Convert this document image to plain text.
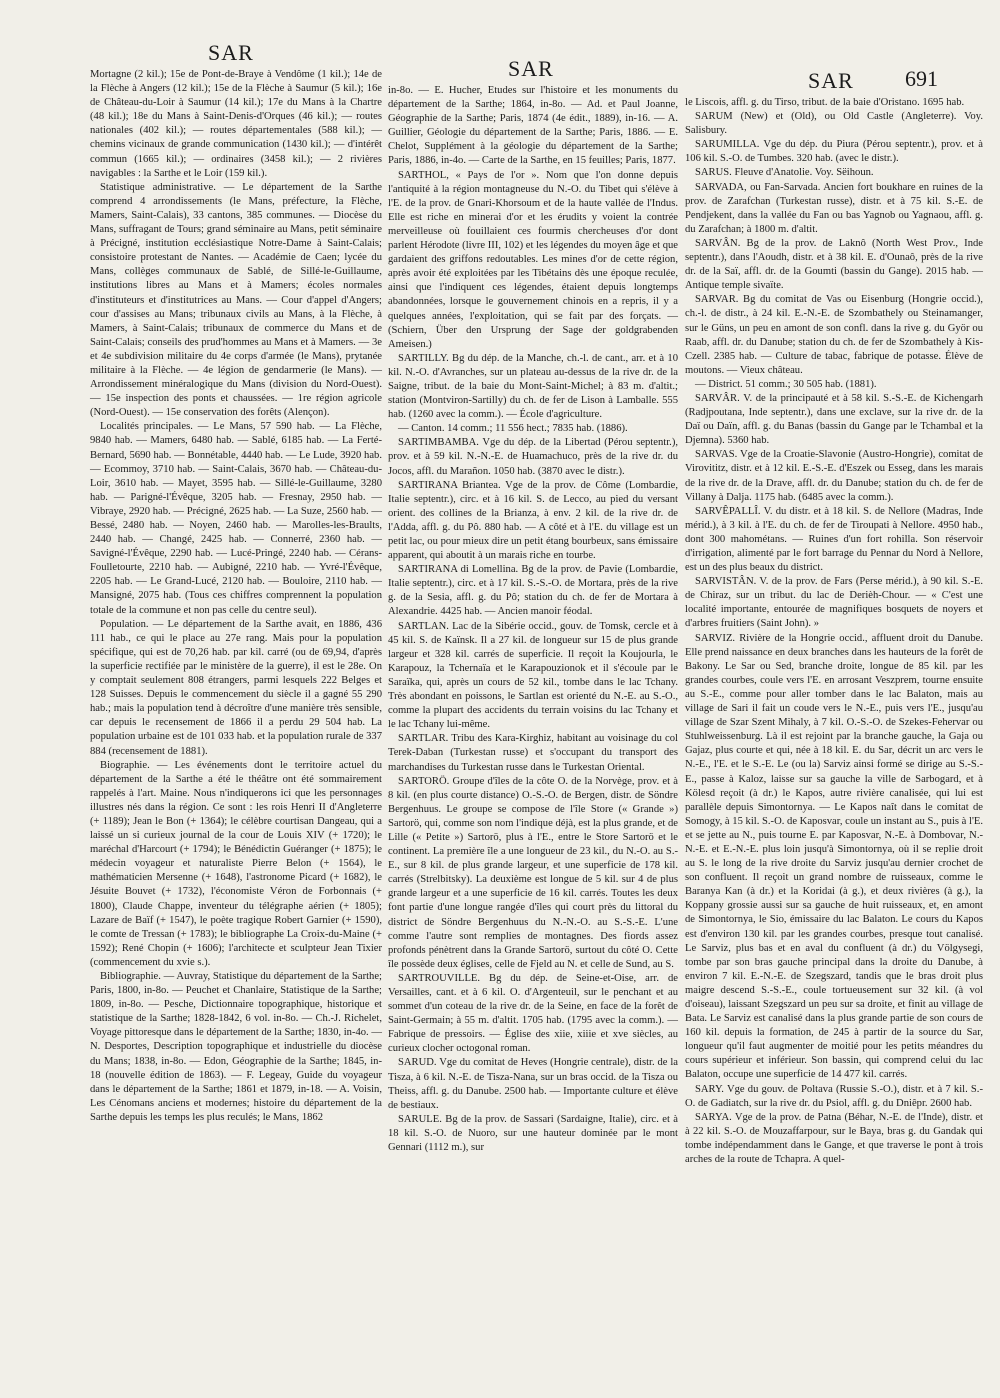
SAR
SAR	SAR 691

Mortagne (2 kil.); 15e de Pont-de-Braye à Vendôme (1 kil.); 14e de la Flèche à Angers (12 kil.); 15e de la Flèche à Saumur (5 kil.); 16e de Château-du-Loir à Saumur (14 kil.); 17e du Mans à la Chartre (48 kil.); 18e du Mans à Saint-Denis-d'Orques (46 kil.); — routes nationales (402 kil.); — routes départementales (588 kil.); — chemins vicinaux de grande communication (1430 kil.); — d'intérêt commun (1665 kil.); — ordinaires (3458 kil.); — 2 rivières navigables : la Sarthe et le Loir (159 kil.).

Statistique administrative. — Le département de la Sarthe comprend 4 arrondissements (le Mans, préfecture, la Flèche, Mamers, Saint-Calais), 33 cantons, 385 communes. — Diocèse du Mans, suffragant de Tours; grand séminaire au Mans, petit séminaire à Précigné, institution ecclésiastique Notre-Dame à Saint-Calais; consistoire protestant de Nantes. — Académie de Caen; lycée du Mans, collèges communaux de Sablé, de Sillé-le-Guillaume, institutions libres au Mans et à Mamers; écoles normales d'instituteurs et d'institutrices au Mans. — Cour d'appel d'Angers; cour d'assises au Mans; tribunaux civils au Mans, à la Flèche, à Mamers, à Saint-Calais; tribunaux de commerce du Mans et de Saint-Calais; conseils des prud'hommes au Mans et à Mamers. — 3e et 4e subdivision militaire du 4e corps d'armée (le Mans), prytanée militaire à la Flèche. — 4e légion de gendarmerie (le Mans). — Arrondissement minéralogique du Mans (division du Nord-Ouest). — 15e inspection des ponts et chaussées. — 1re région agricole (Nord-Ouest). — 15e conservation des forêts (Alençon).

Localités principales. — Le Mans, 57 590 hab. — La Flèche, 9840 hab. — Mamers, 6480 hab. — Sablé, 6185 hab. — La Ferté-Bernard, 5690 hab. — Bonnétable, 4440 hab. — Le Lude, 3920 hab. — Ecommoy, 3710 hab. — Saint-Calais, 3670 hab. — Château-du-Loir, 3610 hab. — Mayet, 3595 hab. — Sillé-le-Guillaume, 3280 hab. — Parigné-l'Évêque, 3205 hab. — Fresnay, 2950 hab. — Vibraye, 2920 hab. — Précigné, 2625 hab. — La Suze, 2560 hab. — Bessé, 2480 hab. — Noyen, 2460 hab. — Marolles-les-Braults, 2440 hab. — Changé, 2425 hab. — Connerré, 2360 hab. — Savigné-l'Évêque, 2290 hab. — Lucé-Pringé, 2240 hab. — Cérans-Foulletourte, 2210 hab. — Aubigné, 2210 hab. — Yvré-l'Évêque, 2205 hab. — Le Grand-Lucé, 2120 hab. — Bouloire, 2110 hab. — Mansigné, 2075 hab. (Tous ces chiffres comprennent la population totale de la commune et non pas celle du centre seul).

Population. — Le département de la Sarthe avait, en 1886, 436 111 hab., ce qui le place au 27e rang. Mais pour la population spécifique, qui est de 70,26 hab. par kil. carré (ou de 69,94, d'après la superficie rectifiée par le ministère de la guerre), il est le 28e. On y comptait seulement 808 étrangers, parmi lesquels 222 Belges et 128 Suisses. Depuis le commencement du siècle il a gagné 55 290 hab.; mais la population tend à décroître d'une manière très sensible, car depuis le recensement de 1866 il a perdu 29 504 hab. La population urbaine est de 101 033 hab. et la population rurale de 337 884 (recensement de 1881).

Biographie. — Les événements dont le territoire actuel du département de la Sarthe a été le théâtre ont été sommairement rappelés à l'art. Maine. Nous n'indiquerons ici que les personnages illustres nés dans la région. Ce sont : les rois Henri II d'Angleterre (+ 1189); Jean le Bon (+ 1364); le célèbre courtisan Dangeau, qui a laissé un si curieux journal de la cour de Louis XIV (+ 1720); le maréchal d'Harcourt (+ 1794); le Bénédictin Guéranger (+ 1875); le médecin voyageur et naturaliste Pierre Belon (+ 1564), le mathématicien Mersenne (+ 1648), l'astronome Picard (+ 1682), le Jésuite Bouvet (+ 1732), l'économiste Véron de Forbonnais (+ 1800), Claude Chappe, inventeur du télégraphe aérien (+ 1805); Lazare de Baïf (+ 1547), le poète tragique Robert Garnier (+ 1590), le comte de Tressan (+ 1783); le bibliographe La Croix-du-Maine (+ 1592); René Chopin (+ 1606); l'architecte et sculpteur Jean Tixier (commencement du xvie s.).

Bibliographie. — Auvray, Statistique du département de la Sarthe; Paris, 1800, in-8o. — Peuchet et Chanlaire, Statistique de la Sarthe; 1809, in-8o. — Pesche, Dictionnaire topographique, historique et statistique de la Sarthe; 1828-1842, 6 vol. in-8o. — Ch.-J. Richelet, Voyage pittoresque dans le département de la Sarthe; 1830, in-4o. — N. Desportes, Description topographique et industrielle du diocèse du Mans; 1838, in-8o. — Edon, Géographie de la Sarthe; 1845, in-18 (nouvelle édition de 1863). — F. Legeay, Guide du voyageur dans le département de la Sarthe; 1861 et 1879, in-18. — A. Voisin, Les Cénomans anciens et modernes; histoire du département de la Sarthe depuis les temps les plus reculés; le Mans, 1862

in-8o. — E. Hucher, Etudes sur l'histoire et les monuments du département de la Sarthe; 1864, in-8o. — Ad. et Paul Joanne, Géographie de la Sarthe; Paris, 1874 (4e édit., 1889), in-16. — A. Guillier, Géologie du département de la Sarthe; Paris, 1886. — E. Chelot, Supplément à la géologie du département de la Sarthe; Paris, 1886, in-4o. — Carte de la Sarthe, en 15 feuilles; Paris, 1877.

SARTHOL, « Pays de l'or ». Nom que l'on donne depuis l'antiquité à la région montagneuse du N.-O. du Tibet qui s'élève à l'E. de la prov. de Gnari-Khorsoum et de la haute vallée de l'Indus. Elle est riche en minerai d'or et les érudits y voient la contrée merveilleuse où fouillaient ces fourmis chercheuses d'or dont parlent Hérodote (livre III, 102) et les légendes du moyen âge et que gardaient des griffons redoutables. Les mines d'or de cette région, après avoir été exploitées par les Tibétains dès une époque reculée, ainsi que l'indiquent ces légendes, étaient depuis longtemps abandonnées, lorsque le gouvernement chinois en a repris, il y a quelques années, l'exploitation, qui se fait par des forçats. — (Schiern, Über den Ursprung der Sage der goldgrabenden Ameisen.)

SARTILLY. Bg du dép. de la Manche, ch.-l. de cant., arr. et à 10 kil. N.-O. d'Avranches, sur un plateau au-dessus de la rive dr. de la Saigne, tribut. de la baie du Mont-Saint-Michel; à 83 m. d'altit.; station (Montviron-Sartilly) du ch. de fer de Lison à Lamballe. 555 hab. (1260 avec la comm.). — École d'agriculture.

— Canton. 14 comm.; 11 556 hect.; 7835 hab. (1886).

SARTIMBAMBA. Vge du dép. de la Libertad (Pérou septentr.), prov. et à 59 kil. N.-N.-E. de Huamachuco, près de la rive dr. du Jocos, affl. du Marañon. 1050 hab. (3870 avec le distr.).

SARTIRANA Briantea. Vge de la prov. de Côme (Lombardie, Italie septentr.), circ. et à 16 kil. S. de Lecco, au pied du versant orient. des collines de la Brianza, à env. 2 kil. de la rive dr. de l'Adda, affl. g. du Pô. 880 hab. — A côté et à l'E. du village est un petit lac, ou pour mieux dire un petit étang bourbeux, sans émissaire apparent, qui aboutit à un marais riche en tourbe.

SARTIRANA di Lomellina. Bg de la prov. de Pavie (Lombardie, Italie septentr.), circ. et à 17 kil. S.-S.-O. de Mortara, près de la rive g. de la Sesia, affl. g. du Pô; station du ch. de fer de Mortara à Alexandrie. 4425 hab. — Ancien manoir féodal.

SARTLAN. Lac de la Sibérie occid., gouv. de Tomsk, cercle et à 45 kil. S. de Kaïnsk. Il a 27 kil. de longueur sur 15 de plus grande largeur et 328 kil. carrés de superficie. Il reçoit la Koujourla, le Karapouz, la Tchernaïa et le Karapouzionok et il s'écoule par le Saraïka, qui, après un cours de 52 kil., tombe dans le lac Tchany. Très abondant en poissons, le Sartlan est orienté du N.-E. au S.-O., comme la plupart des accidents du terrain voisins du lac Tchany et le lac Tchany lui-même.

SARTLAR. Tribu des Kara-Kirghiz, habitant au voisinage du col Terek-Daban (Turkestan russe) et s'occupant du transport des marchandises du Turkestan russe dans le Turkestan Oriental.

SARTORÖ. Groupe d'îles de la côte O. de la Norvège, prov. et à 8 kil. (en plus courte distance) O.-S.-O. de Bergen, distr. de Söndre Bergenhuus. Le groupe se compose de l'île Store (« Grande ») Sartorö, qui, comme son nom l'indique déjà, est la plus grande, et de Lille (« Petite ») Sartorö, plus à l'E., entre le Store Sartorö et le continent. La première île a une longueur de 23 kil., du N.-O. au S.-E., sur 8 kil. de plus grande largeur, et une superficie de 178 kil. carrés (Strelbitsky). La deuxième est longue de 5 kil. sur 4 de plus grande largeur et a une superficie de 16 kil. carrés. Toutes les deux font partie d'une longue rangée d'îles qui court près du littoral du district de Söndre Bergenhuus du N.-N.-O. au S.-S.-E. L'une comme l'autre sont remplies de montagnes. Des fiords assez profonds pénètrent dans la Grande Sartorö, surtout du côté O. Cette île possède deux églises, celle de Fjeld au N. et celle de Sund, au S.

SARTROUVILLE. Bg du dép. de Seine-et-Oise, arr. de Versailles, cant. et à 6 kil. O. d'Argenteuil, sur le penchant et au sommet d'un coteau de la rive dr. de la Seine, en face de la forêt de Saint-Germain; à 55 m. d'altit. 1705 hab. (1795 avec la comm.). — Fabrique de pressoirs. — Église des xiie, xiiie et xve siècles, au curieux clocher octogonal roman.

SARUD. Vge du comitat de Heves (Hongrie centrale), distr. de la Tisza, à 6 kil. N.-E. de Tisza-Nana, sur un bras occid. de la Tisza ou Theiss, affl. g. du Danube. 2500 hab. — Importante culture et élève de bestiaux.

SARULE. Bg de la prov. de Sassari (Sardaigne, Italie), circ. et à 18 kil. S.-O. de Nuoro, sur une hauteur dominée par le mont Gennari (1112 m.), sur

le Liscois, affl. g. du Tirso, tribut. de la baie d'Oristano. 1695 hab.

SARUM (New) et (Old), ou Old Castle (Angleterre). Voy. Salisbury.

SARUMILLA. Vge du dép. du Piura (Pérou septentr.), prov. et à 106 kil. S.-O. de Tumbes. 320 hab. (avec le distr.).

SARUS. Fleuve d'Anatolie. Voy. Sëihoun.

SARVADA, ou Fan-Sarvada. Ancien fort boukhare en ruines de la prov. de Zarafchan (Turkestan russe), distr. et à 75 kil. S.-E. de Pendjekent, dans la vallée du Fan ou bas Yagnob ou Yagnaou, affl. g. du Zarafchan; à 1800 m. d'altit.

SARVÂN. Bg de la prov. de Laknô (North West Prov., Inde septentr.), dans l'Aoudh, distr. et à 38 kil. E. d'Ounaô, près de la rive dr. de la Saï, affl. dr. de la Goumti (bassin du Gange). 2015 hab. — Antique temple sivaïte.

SARVAR. Bg du comitat de Vas ou Eisenburg (Hongrie occid.), ch.-l. de distr., à 24 kil. E.-N.-E. de Szombathely ou Steinamanger, sur le Güns, un peu en amont de son confl. dans la rive g. du Györ ou Raab, affl. dr. du Danube; station du ch. de fer de Szombathely à Kis-Czell. 2385 hab. — Culture de tabac, fabrique de potasse. Élève de moutons. — Vieux château.

— District. 51 comm.; 30 505 hab. (1881).

SARVÂR. V. de la principauté et à 58 kil. S.-S.-E. de Kichengarh (Radjpoutana, Inde septentr.), dans une exclave, sur la rive dr. de la Daï ou Daïn, affl. g. du Banas (bassin du Gange par le Tchambal et la Djemna). 5360 hab.

SARVAS. Vge de la Croatie-Slavonie (Austro-Hongrie), comitat de Virovititz, distr. et à 12 kil. E.-S.-E. d'Eszek ou Esseg, dans les marais de la rive dr. de la Drave, affl. dr. du Danube; station du ch. de fer de Villany à Dalja. 1175 hab. (6485 avec la comm.).

SARVÊPALLÎ. V. du distr. et à 18 kil. S. de Nellore (Madras, Inde mérid.), à 3 kil. à l'E. du ch. de fer de Tiroupati à Nellore. 4950 hab., dont 300 mahométans. — Ruines d'un fort rohilla. Son réservoir d'irrigation, alimenté par le fort barrage du Pennar du Nord à Nellore, est un des plus beaux du district.

SARVISTÂN. V. de la prov. de Fars (Perse mérid.), à 90 kil. S.-E. de Chiraz, sur un tribut. du lac de Derièh-Chour. — « C'est une localité importante, entourée de magnifiques bosquets de noyers et d'arbres fruitiers (Saint John). »

SARVIZ. Rivière de la Hongrie occid., affluent droit du Danube. Elle prend naissance en deux branches dans les hauteurs de la forêt de Bakony. Le Sar ou Sed, branche droite, longue de 85 kil. par les grandes courbes, coule vers l'E. en arrosant Veszprem, tourne ensuite au S.-E., comme pour aller tomber dans le lac Balaton, mais au village de Sari il fait un coude vers le N.-E., puis vers l'E., jusqu'au village de Szar Szent Mihaly, à 7 kil. O.-S.-O. de Szekes-Fehervar ou Stuhlweissenburg. Là il est rejoint par la branche gauche, la Gaja ou Gajaz, plus courte et qui, née à 18 kil. E. du Sar, décrit un arc vers le N.-E., l'E. et le S.-E. Le (ou la) Sarviz ainsi formé se dirige au S.-S.-E., passe à Kaloz, laisse sur sa gauche la ville de Sarbogard, et à Kölesd reçoit (à dr.) le Kapos, autre rivière canalisée, qui lui est parallèle depuis Simontornya. — Le Kapos naît dans le comitat de Somogy, à 15 kil. S.-O. de Kaposvar, coule un instant au S., puis à l'E. et se jette au N., puis tourne E. par Kaposvar, N.-E. à Dombovar, N.-N.-E. et E.-N.-E. plus loin jusqu'à Simontornya, où il se replie droit au S. le long de la rive droite du Sarviz jusqu'au dernier crochet de son confluent. Il reçoit un grand nombre de ruisseaux, comme le Baranya Kan (à dr.) et la Koridai (à g.), et deux rivières (à g.), la Koppany grossie aussi sur sa gauche de huit ruisseaux, et, en amont de Simontornya, le Sio, émissaire du lac Balaton. Le cours du Kapos est d'environ 130 kil. par les grandes courbes, presque tout canalisé. Le Sarviz, plus bas et en aval du confluent (à dr.) du Völgysegi, tombe par son bras gauche principal dans la droite du Danube, à environ 7 kil. E.-N.-E. de Szegszard, tandis que le bras droit plus maigre descend S.-S.-E., coule tortueusement sur 32 kil. (à vol d'oiseau), laissant Szegszard un peu sur sa droite, et finit au village de Bata. Le Sarviz est canalisé dans la plus grande partie de son cours de 160 kil. depuis la formation, de 245 à partir de la source du Sar, longueur qu'il faut augmenter de moitié pour les petits méandres du cours supérieur et inférieur. Son bassin, qui comprend celui du lac Balaton, occupe une superficie de 14 477 kil. carrés.

SARY. Vge du gouv. de Poltava (Russie S.-O.), distr. et à 7 kil. S.-O. de Gadiatch, sur la rive dr. du Psiol, affl. g. du Dniêpr. 2600 hab.

SARYA. Vge de la prov. de Patna (Béhar, N.-E. de l'Inde), distr. et à 22 kil. S.-O. de Mouzaffarpour, sur le Baya, bras g. du Gandak qui tombe indépendamment dans le Gange, et que traverse le pont à trois arches de la route de Tchapra. A quel-
